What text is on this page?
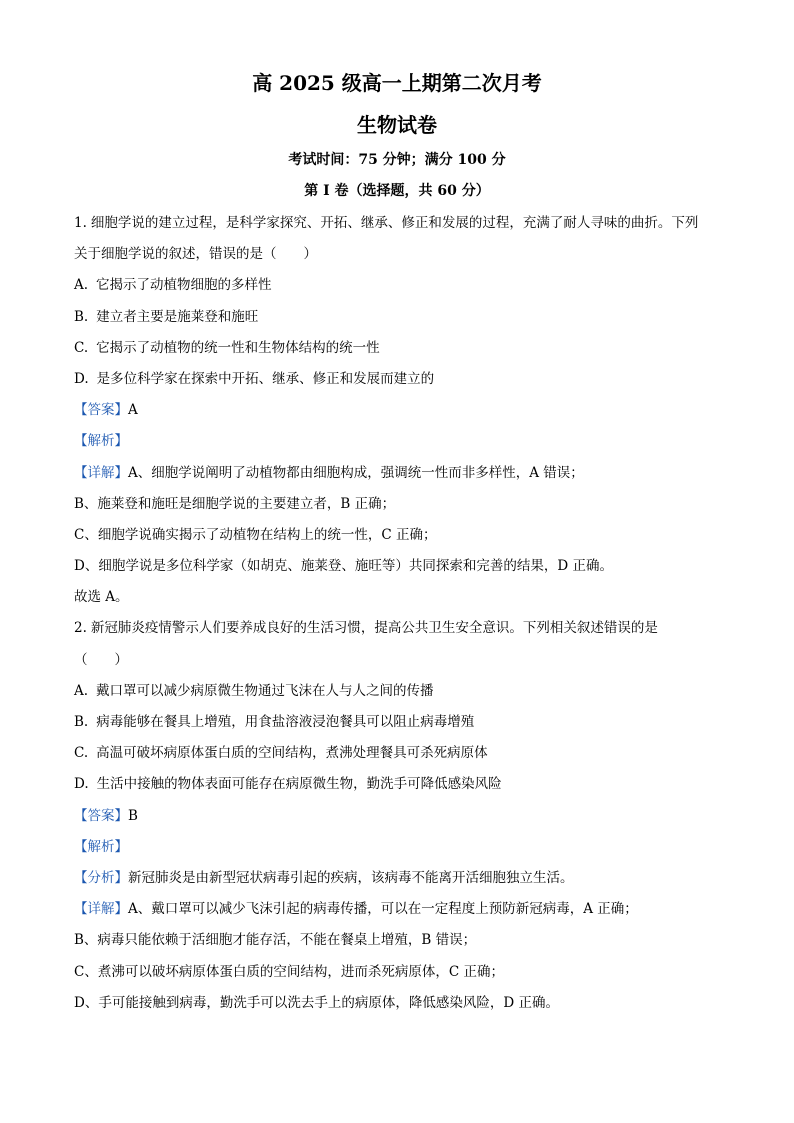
高 2025 级高一上期第二次月考
生物试卷
考试时间：75 分钟；满分 100 分
第 I 卷（选择题，共 60 分）
1. 细胞学说的建立过程，是科学家探究、开拓、继承、修正和发展的过程，充满了耐人寻味的曲折。下列
关于细胞学说的叙述，错误的是（　　）
A. 它揭示了动植物细胞的多样性
B. 建立者主要是施莱登和施旺
C. 它揭示了动植物的统一性和生物体结构的统一性
D. 是多位科学家在探索中开拓、继承、修正和发展而建立的
【答案】A
【解析】
【详解】A、细胞学说阐明了动植物都由细胞构成，强调统一性而非多样性，A 错误；
B、施莱登和施旺是细胞学说的主要建立者，B 正确；
C、细胞学说确实揭示了动植物在结构上的统一性，C 正确；
D、细胞学说是多位科学家（如胡克、施莱登、施旺等）共同探索和完善的结果，D 正确。
故选 A。
2. 新冠肺炎疫情警示人们要养成良好的生活习惯，提高公共卫生安全意识。下列相关叙述错误的是
（　　）
A. 戴口罩可以减少病原微生物通过飞沫在人与人之间的传播
B. 病毒能够在餐具上增殖，用食盐溶液浸泡餐具可以阻止病毒增殖
C. 高温可破坏病原体蛋白质的空间结构，煮沸处理餐具可杀死病原体
D. 生活中接触的物体表面可能存在病原微生物，勤洗手可降低感染风险
【答案】B
【解析】
【分析】新冠肺炎是由新型冠状病毒引起的疾病，该病毒不能离开活细胞独立生活。
【详解】A、戴口罩可以减少飞沫引起的病毒传播，可以在一定程度上预防新冠病毒，A 正确；
B、病毒只能依赖于活细胞才能存活，不能在餐桌上增殖，B 错误；
C、煮沸可以破坏病原体蛋白质的空间结构，进而杀死病原体，C 正确；
D、手可能接触到病毒，勤洗手可以洗去手上的病原体，降低感染风险，D 正确。
